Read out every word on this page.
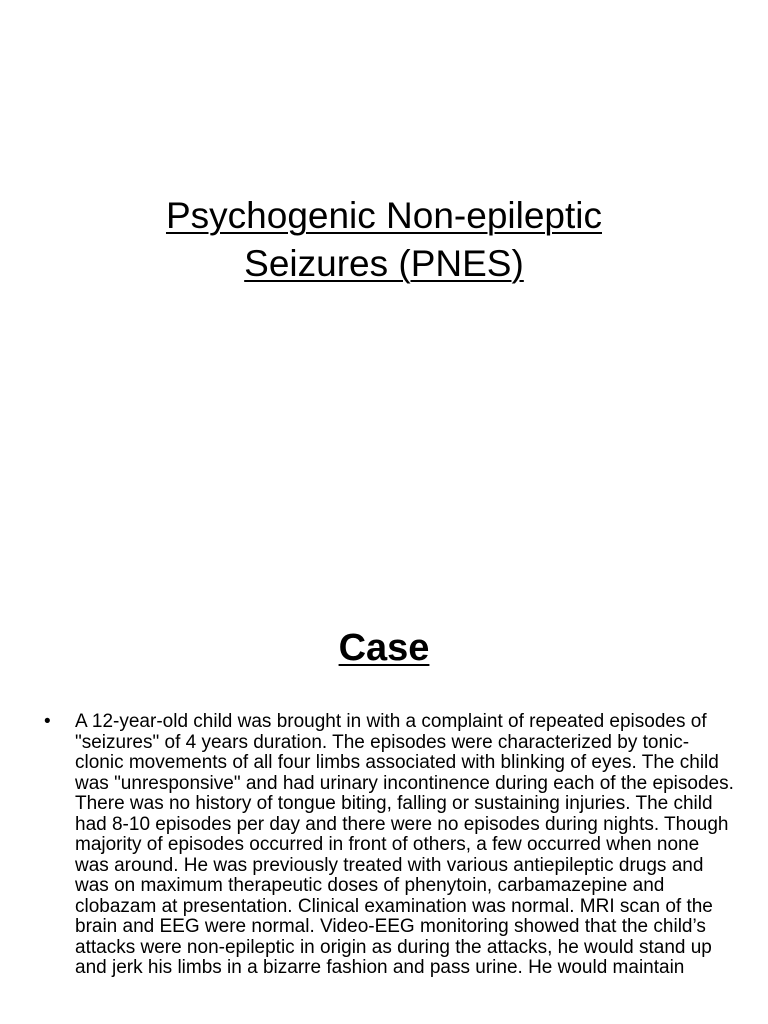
Psychogenic Non-epileptic
Seizures (PNES)
Case
•	A 12-year-old child was brought in with a complaint of repeated episodes of "seizures" of 4 years duration. The episodes were characterized by tonic-clonic movements of all four limbs associated with blinking of eyes. The child was "unresponsive" and had urinary incontinence during each of the episodes. There was no history of tongue biting, falling or sustaining injuries. The child had 8-10 episodes per day and there were no episodes during nights. Though majority of episodes occurred in front of others, a few occurred when none was around. He was previously treated with various antiepileptic drugs and was on maximum therapeutic doses of phenytoin, carbamazepine and clobazam at presentation. Clinical examination was normal. MRI scan of the brain and EEG were normal. Video-EEG monitoring showed that the child’s attacks were non-epileptic in origin as during the attacks, he would stand up and jerk his limbs in a bizarre fashion and pass urine. He would maintain
